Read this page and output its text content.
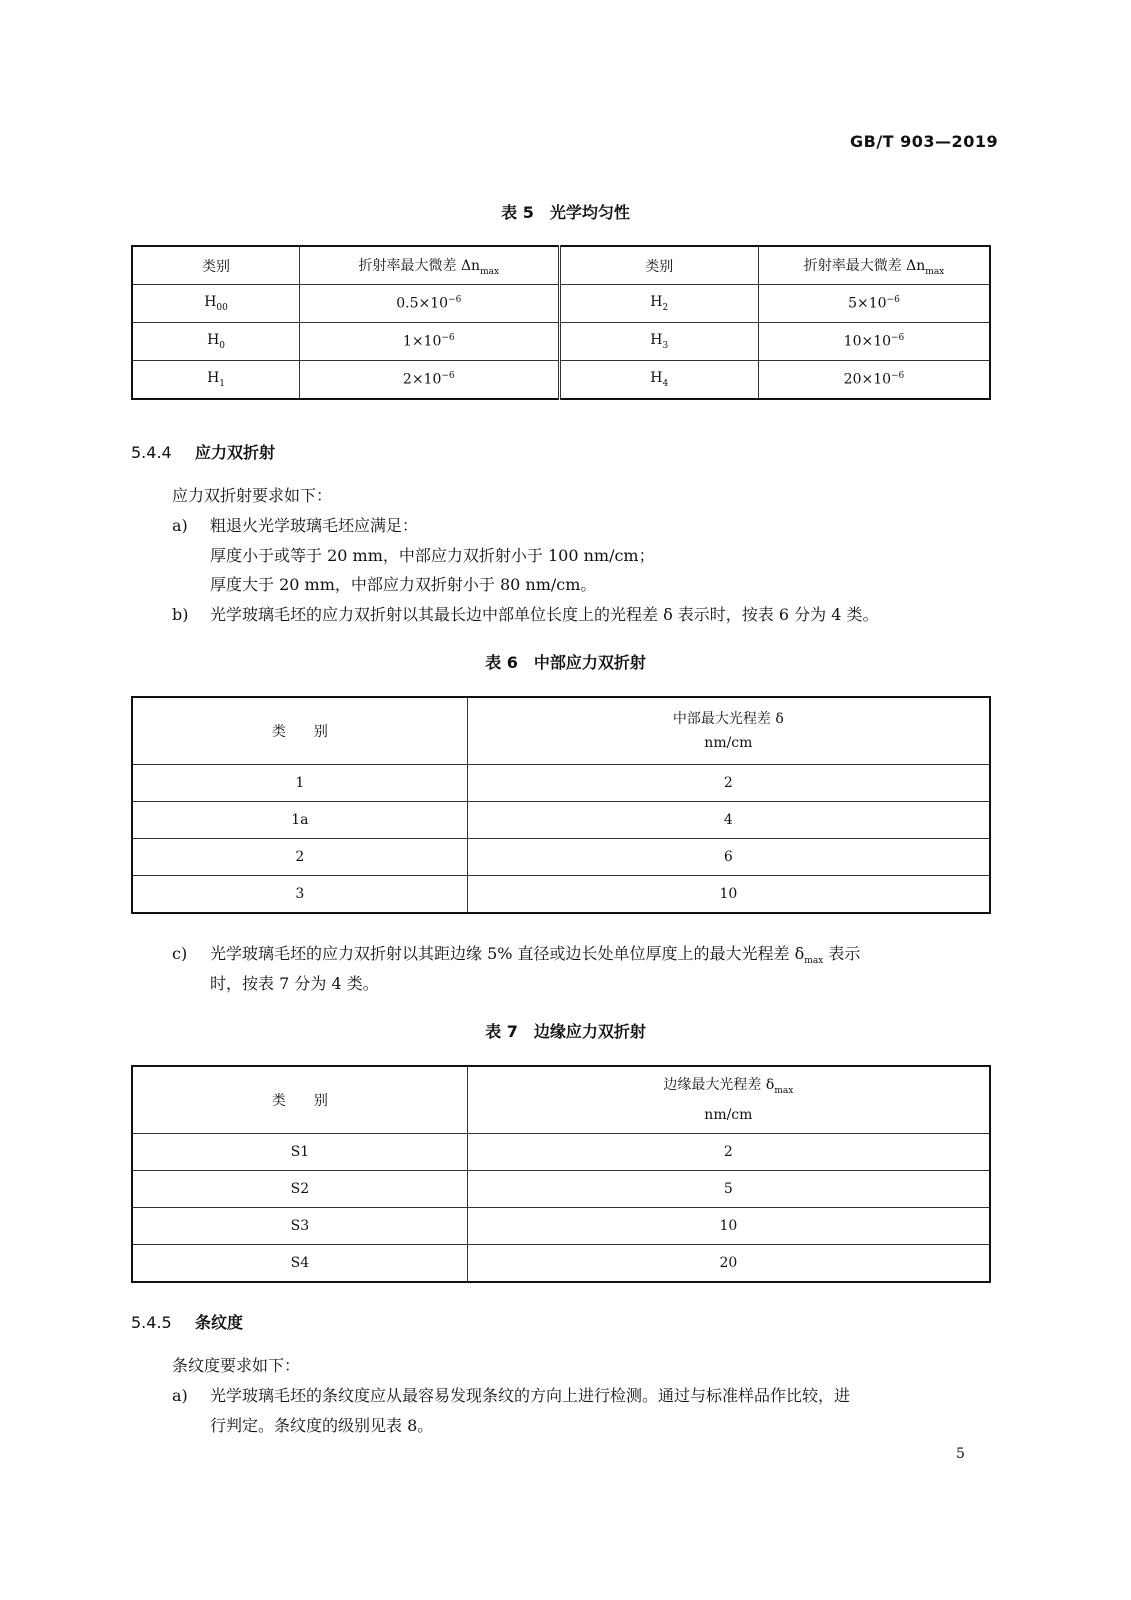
GB/T 903—2019
表 5　光学均匀性
类别	折射率最大微差 $\Delta n_{max}$	类别	折射率最大微差 $\Delta n_{max}$
$H_{00}$	$0.5\times 10^{-6}$	$H_2$	$5\times 10^{-6}$
$H_0$	$1\times 10^{-6}$	$H_3$	$10\times 10^{-6}$
$H_1$	$2\times 10^{-6}$	$H_4$	$20\times 10^{-6}$
5.4.4 应力双折射
应力双折射要求如下：
a) 粗退火光学玻璃毛坯应满足：
厚度小于或等于 20 mm，中部应力双折射小于 100 nm/cm；
厚度大于 20 mm，中部应力双折射小于 80 nm/cm。
b) 光学玻璃毛坯的应力双折射以其最长边中部单位长度上的光程差 δ 表示时，按表 6 分为 4 类。
表 6　中部应力双折射
类　　别	中部最大光程差 δ
nm/cm

1	2
1a	4
2	6
3	10
c) 光学玻璃毛坯的应力双折射以其距边缘 5% 直径或边长处单位厚度上的最大光程差 $\delta_{max}$ 表示
时，按表 7 分为 4 类。
表 7　边缘应力双折射
类　　别	边缘最大光程差 $\delta_{max}$
nm/cm

S1	2
S2	5
S3	10
S4	20
5.4.5 条纹度
条纹度要求如下：
a) 光学玻璃毛坯的条纹度应从最容易发现条纹的方向上进行检测。通过与标准样品作比较，进
行判定。条纹度的级别见表 8。
5
